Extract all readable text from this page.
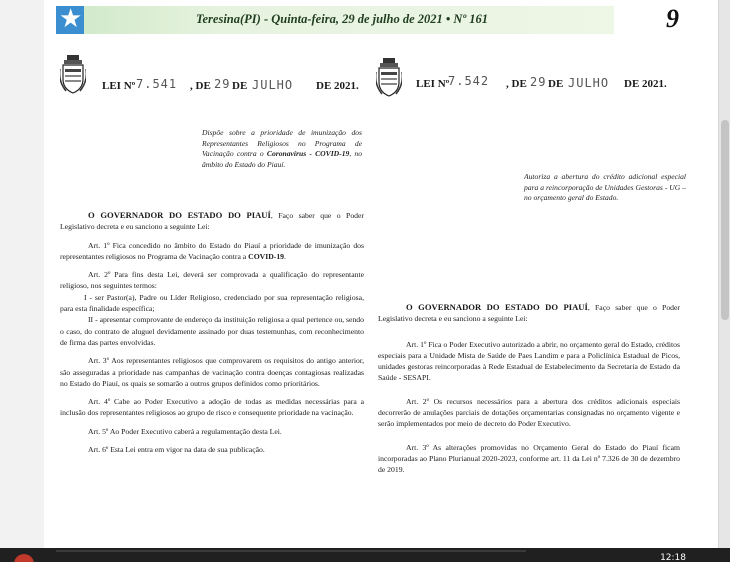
★	Teresina(PI) - Quinta-feira, 29 de julho de 2021 • Nº 161	9
LEI Nº 7.541 , DE 29 DE JULHO DE 2021.
Dispõe sobre a prioridade de imunização dos Representantes Religiosos no Programa de Vacinação contra o Coronavírus - COVID-19, no âmbito do Estado do Piauí.

O GOVERNADOR DO ESTADO DO PIAUÍ, Faço saber que o Poder Legislativo decreta e eu sanciono a seguinte Lei:

Art. 1º Fica concedido no âmbito do Estado do Piauí a prioridade de imunização dos representantes religiosos no Programa de Vacinação contra a COVID-19.

Art. 2º Para fins desta Lei, deverá ser comprovada a qualificação do representante religioso, nos seguintes termos:

I - ser Pastor(a), Padre ou Líder Religioso, credenciado por sua representação religiosa, para esta finalidade específica;

II - apresentar comprovante de endereço da instituição religiosa a qual pertence ou, sendo o caso, do contrato de aluguel devidamente assinado por duas testemunhas, com reconhecimento de firma das partes envolvidas.

Art. 3º Aos representantes religiosos que comprovarem os requisitos do antigo anterior, são asseguradas a prioridade nas campanhas de vacinação contra doenças contagiosas realizadas no Estado do Piauí, os quais se somarão a outros grupos definidos como prioritários.

Art. 4º Cabe ao Poder Executivo a adoção de todas as medidas necessárias para a inclusão dos representantes religiosos ao grupo de risco e consequente prioridade na vacinação.

Art. 5º Ao Poder Executivo caberá a regulamentação desta Lei.

Art. 6º Esta Lei entra em vigor na data de sua publicação.

LEI Nº
7.542 , DE 29 DE JULHO DE 2021.
Autoriza a abertura do crédito adicional especial para a reincorporação de Unidades Gestoras - UG – no orçamento geral do Estado.

O GOVERNADOR DO ESTADO DO PIAUÍ, Faço saber que o Poder Legislativo decreta e eu sanciono a seguinte Lei:

Art. 1º Fica o Poder Executivo autorizado a abrir, no orçamento geral do Estado, créditos especiais para a Unidade Mista de Saúde de Paes Landim e para a Policlínica Estadual de Picos, unidades gestoras reincorporadas à Rede Estadual de Estabelecimento da Secretaria de Estado da Saúde - SESAPI.

Art. 2º Os recursos necessários para a abertura dos créditos adicionais especiais decorrerão de anulações parciais de dotações orçamentarias consignadas no orçamento vigente e serão implementados por meio de decreto do Poder Executivo.

Art. 3º As alterações promovidas no Orçamento Geral do Estado do Piauí ficam incorporadas ao Plano Plurianual 2020-2023, conforme art. 11 da Lei nº 7.326 de 30 de dezembro de 2019.

12:18
